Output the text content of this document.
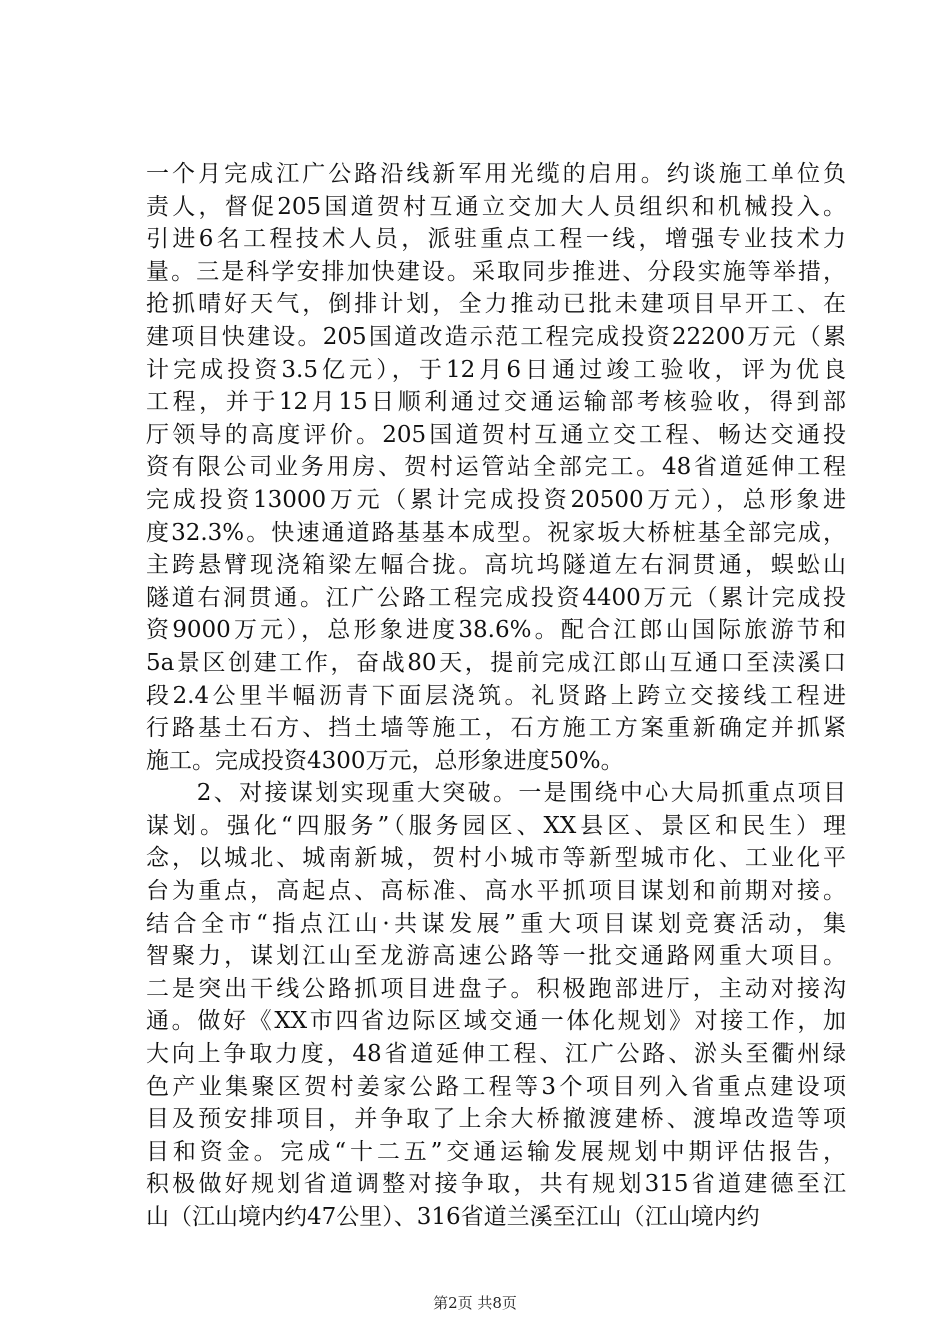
一个月完成江广公路沿线新军用光缆的启用。约谈施工单位负
责人，督促205国道贺村互通立交加大人员组织和机械投入。
引进6名工程技术人员，派驻重点工程一线，增强专业技术力
量。三是科学安排加快建设。采取同步推进、分段实施等举措，
抢抓晴好天气，倒排计划，全力推动已批未建项目早开工、在
建项目快建设。205国道改造示范工程完成投资22200万元（累
计完成投资3.5亿元），于12月6日通过竣工验收，评为优良
工程，并于12月15日顺利通过交通运输部考核验收，得到部
厅领导的高度评价。205国道贺村互通立交工程、畅达交通投
资有限公司业务用房、贺村运管站全部完工。48省道延伸工程
完成投资13000万元（累计完成投资20500万元），总形象进
度32.3%。快速通道路基基本成型。祝家坂大桥桩基全部完成，
主跨悬臂现浇箱梁左幅合拢。高坑坞隧道左右洞贯通，蜈蚣山
隧道右洞贯通。江广公路工程完成投资4400万元（累计完成投
资9000万元），总形象进度38.6%。配合江郎山国际旅游节和
5a景区创建工作，奋战80天，提前完成江郎山互通口至渎溪口
段2.4公里半幅沥青下面层浇筑。礼贤路上跨立交接线工程进
行路基土石方、挡土墙等施工，石方施工方案重新确定并抓紧
施工。完成投资4300万元，总形象进度50%。
　　2、对接谋划实现重大突破。一是围绕中心大局抓重点项目
谋划。强化“四服务”（服务园区、XX县区、景区和民生）理
念，以城北、城南新城，贺村小城市等新型城市化、工业化平
台为重点，高起点、高标准、高水平抓项目谋划和前期对接。
结合全市“指点江山·共谋发展”重大项目谋划竞赛活动，集
智聚力，谋划江山至龙游高速公路等一批交通路网重大项目。
二是突出干线公路抓项目进盘子。积极跑部进厅，主动对接沟
通。做好《XX市四省边际区域交通一体化规划》对接工作，加
大向上争取力度，48省道延伸工程、江广公路、淤头至衢州绿
色产业集聚区贺村姜家公路工程等3个项目列入省重点建设项
目及预安排项目，并争取了上余大桥撤渡建桥、渡埠改造等项
目和资金。完成“十二五”交通运输发展规划中期评估报告，
积极做好规划省道调整对接争取，共有规划315省道建德至江
山（江山境内约47公里）、316省道兰溪至江山（江山境内约
第2页 共8页
